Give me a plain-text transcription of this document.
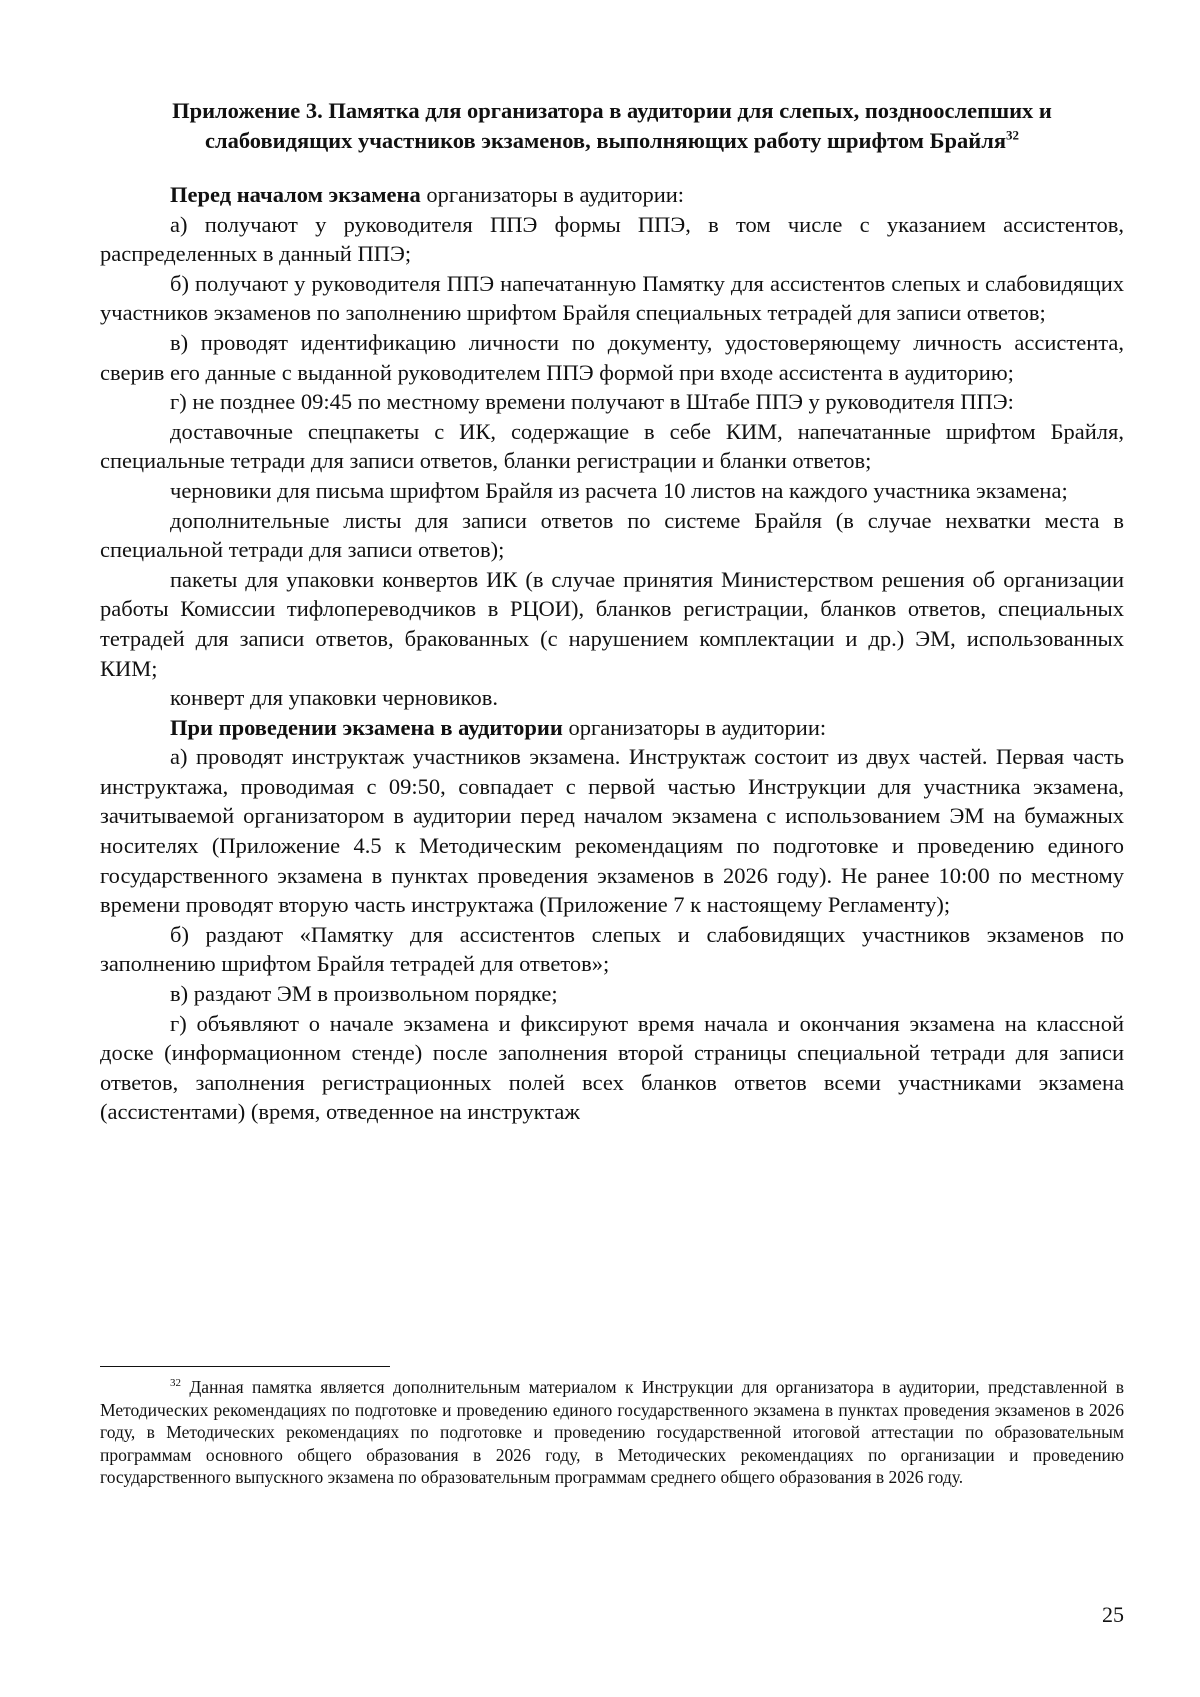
Приложение 3. Памятка для организатора в аудитории для слепых, поздноослепших и слабовидящих участников экзаменов, выполняющих работу шрифтом Брайля$^{32}$

Перед началом экзамена организаторы в аудитории:

а) получают у руководителя ППЭ формы ППЭ, в том числе с указанием ассистентов, распределенных в данный ППЭ;

б) получают у руководителя ППЭ напечатанную Памятку для ассистентов слепых и слабовидящих участников экзаменов по заполнению шрифтом Брайля специальных тетрадей для записи ответов;

в) проводят идентификацию личности по документу, удостоверяющему личность ассистента, сверив его данные с выданной руководителем ППЭ формой при входе ассистента в аудиторию;

г) не позднее 09:45 по местному времени получают в Штабе ППЭ у руководителя ППЭ:

доставочные спецпакеты с ИК, содержащие в себе КИМ, напечатанные шрифтом Брайля, специальные тетради для записи ответов, бланки регистрации и бланки ответов;

черновики для письма шрифтом Брайля из расчета 10 листов на каждого участника экзамена;

дополнительные листы для записи ответов по системе Брайля (в случае нехватки места в специальной тетради для записи ответов);

пакеты для упаковки конвертов ИК (в случае принятия Министерством решения об организации работы Комиссии тифлопереводчиков в РЦОИ), бланков регистрации, бланков ответов, специальных тетрадей для записи ответов, бракованных (с нарушением комплектации и др.) ЭМ, использованных КИМ;

конверт для упаковки черновиков.

При проведении экзамена в аудитории организаторы в аудитории:

а) проводят инструктаж участников экзамена. Инструктаж состоит из двух частей. Первая часть инструктажа, проводимая с 09:50, совпадает с первой частью Инструкции для участника экзамена, зачитываемой организатором в аудитории перед началом экзамена с использованием ЭМ на бумажных носителях (Приложение 4.5 к Методическим рекомендациям по подготовке и проведению единого государственного экзамена в пунктах проведения экзаменов в 2026 году). Не ранее 10:00 по местному времени проводят вторую часть инструктажа (Приложение 7 к настоящему Регламенту);

б) раздают «Памятку для ассистентов слепых и слабовидящих участников экзаменов по заполнению шрифтом Брайля тетрадей для ответов»;

в) раздают ЭМ в произвольном порядке;

г) объявляют о начале экзамена и фиксируют время начала и окончания экзамена на классной доске (информационном стенде) после заполнения второй страницы специальной тетради для записи ответов, заполнения регистрационных полей всех бланков ответов всеми участниками экзамена (ассистентами) (время, отведенное на инструктаж

$^{32}$ Данная памятка является дополнительным материалом к Инструкции для организатора в аудитории, представленной в Методических рекомендациях по подготовке и проведению единого государственного экзамена в пунктах проведения экзаменов в 2026 году, в Методических рекомендациях по подготовке и проведению государственной итоговой аттестации по образовательным программам основного общего образования в 2026 году, в Методических рекомендациях по организации и проведению государственного выпускного экзамена по образовательным программам среднего общего образования в 2026 году.

25
